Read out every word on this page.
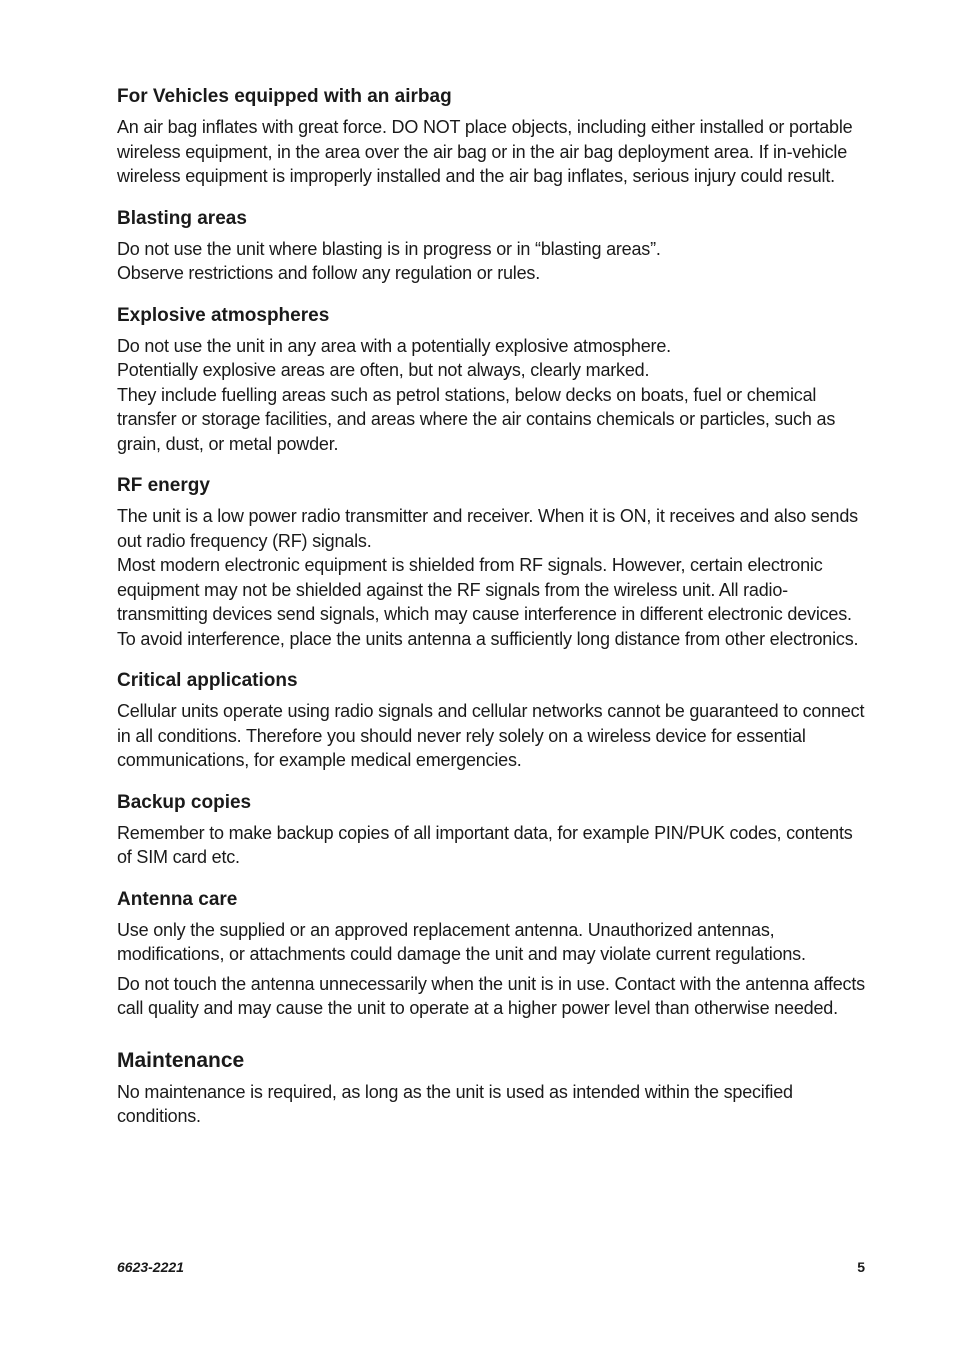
For Vehicles equipped with an airbag

An air bag inflates with great force. DO NOT place objects, including either installed or portable wireless equipment, in the area over the air bag or in the air bag deployment area. If in-vehicle wireless equipment is improperly installed and the air bag inflates, serious injury could result.

Blasting areas

Do not use the unit where blasting is in progress or in “blasting areas”.

Observe restrictions and follow any regulation or rules.

Explosive atmospheres

Do not use the unit in any area with a potentially explosive atmosphere.

Potentially explosive areas are often, but not always, clearly marked.

They include fuelling areas such as petrol stations, below decks on boats, fuel or chemical transfer or storage facilities, and areas where the air contains chemicals or particles, such as grain, dust, or metal powder.

RF energy

The unit is a low power radio transmitter and receiver. When it is ON, it receives and also sends out radio frequency (RF) signals.

Most modern electronic equipment is shielded from RF signals. However, certain electronic equipment may not be shielded against the RF signals from the wireless unit. All radio-transmitting devices send signals, which may cause interference in different electronic devices. To avoid interference, place the units antenna a sufficiently long distance from other electronics.

Critical applications

Cellular units operate using radio signals and cellular networks cannot be guaranteed to connect in all conditions. Therefore you should never rely solely on a wireless device for essential communications, for example medical emergencies.

Backup copies

Remember to make backup copies of all important data, for example PIN/PUK codes, contents of SIM card etc.

Antenna care

Use only the supplied or an approved replacement antenna. Unauthorized antennas, modifications, or attachments could damage the unit and may violate current regulations.

Do not touch the antenna unnecessarily when the unit is in use. Contact with the antenna affects call quality and may cause the unit to operate at a higher power level than otherwise needed.

Maintenance

No maintenance is required, as long as the unit is used as intended within the specified conditions.

6623-2221	5
